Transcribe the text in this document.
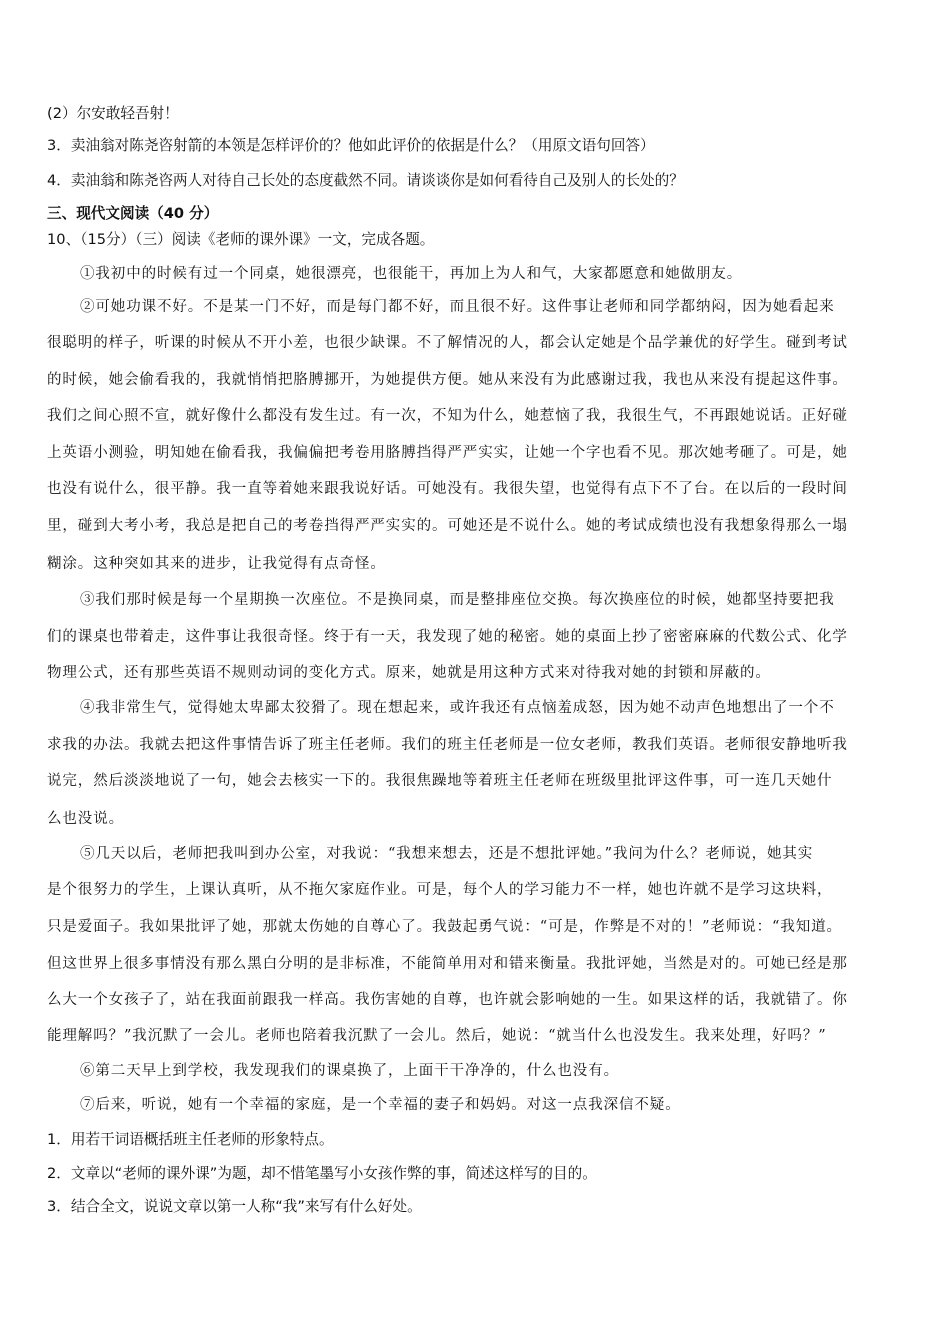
(2）尔安敢轻吾射！
3．卖油翁对陈尧咨射箭的本领是怎样评价的？他如此评价的依据是什么？（用原文语句回答）
4．卖油翁和陈尧咨两人对待自己长处的态度截然不同。请谈谈你是如何看待自己及别人的长处的？
三、现代文阅读（40 分）
10、（15分）（三）阅读《老师的课外课》一文，完成各题。
①我初中的时候有过一个同桌，她很漂亮，也很能干，再加上为人和气，大家都愿意和她做朋友。
②可她功课不好。不是某一门不好，而是每门都不好，而且很不好。这件事让老师和同学都纳闷，因为她看起来
很聪明的样子，听课的时候从不开小差，也很少缺课。不了解情况的人，都会认定她是个品学兼优的好学生。碰到考试
的时候，她会偷看我的，我就悄悄把胳膊挪开，为她提供方便。她从来没有为此感谢过我，我也从来没有提起这件事。
我们之间心照不宣，就好像什么都没有发生过。有一次，不知为什么，她惹恼了我，我很生气，不再跟她说话。正好碰
上英语小测验，明知她在偷看我，我偏偏把考卷用胳膊挡得严严实实，让她一个字也看不见。那次她考砸了。可是，她
也没有说什么，很平静。我一直等着她来跟我说好话。可她没有。我很失望，也觉得有点下不了台。在以后的一段时间
里，碰到大考小考，我总是把自己的考卷挡得严严实实的。可她还是不说什么。她的考试成绩也没有我想象得那么一塌
糊涂。这种突如其来的进步，让我觉得有点奇怪。
③我们那时候是每一个星期换一次座位。不是换同桌，而是整排座位交换。每次换座位的时候，她都坚持要把我
们的课桌也带着走，这件事让我很奇怪。终于有一天，我发现了她的秘密。她的桌面上抄了密密麻麻的代数公式、化学
物理公式，还有那些英语不规则动词的变化方式。原来，她就是用这种方式来对待我对她的封锁和屏蔽的。
④我非常生气，觉得她太卑鄙太狡猾了。现在想起来，或许我还有点恼羞成怒，因为她不动声色地想出了一个不
求我的办法。我就去把这件事情告诉了班主任老师。我们的班主任老师是一位女老师，教我们英语。老师很安静地听我
说完，然后淡淡地说了一句，她会去核实一下的。我很焦躁地等着班主任老师在班级里批评这件事，可一连几天她什
么也没说。
⑤几天以后，老师把我叫到办公室，对我说：“我想来想去，还是不想批评她。”我问为什么？老师说，她其实
是个很努力的学生，上课认真听，从不拖欠家庭作业。可是，每个人的学习能力不一样，她也许就不是学习这块料，
只是爱面子。我如果批评了她，那就太伤她的自尊心了。我鼓起勇气说：“可是，作弊是不对的！”老师说：“我知道。
但这世界上很多事情没有那么黑白分明的是非标准，不能简单用对和错来衡量。我批评她，当然是对的。可她已经是那
么大一个女孩子了，站在我面前跟我一样高。我伤害她的自尊，也许就会影响她的一生。如果这样的话，我就错了。你
能理解吗？”我沉默了一会儿。老师也陪着我沉默了一会儿。然后，她说：“就当什么也没发生。我来处理，好吗？”
⑥第二天早上到学校，我发现我们的课桌换了，上面干干净净的，什么也没有。
⑦后来，听说，她有一个幸福的家庭，是一个幸福的妻子和妈妈。对这一点我深信不疑。
1．用若干词语概括班主任老师的形象特点。
2．文章以“老师的课外课”为题，却不惜笔墨写小女孩作弊的事，简述这样写的目的。
3．结合全文，说说文章以第一人称“我”来写有什么好处。
